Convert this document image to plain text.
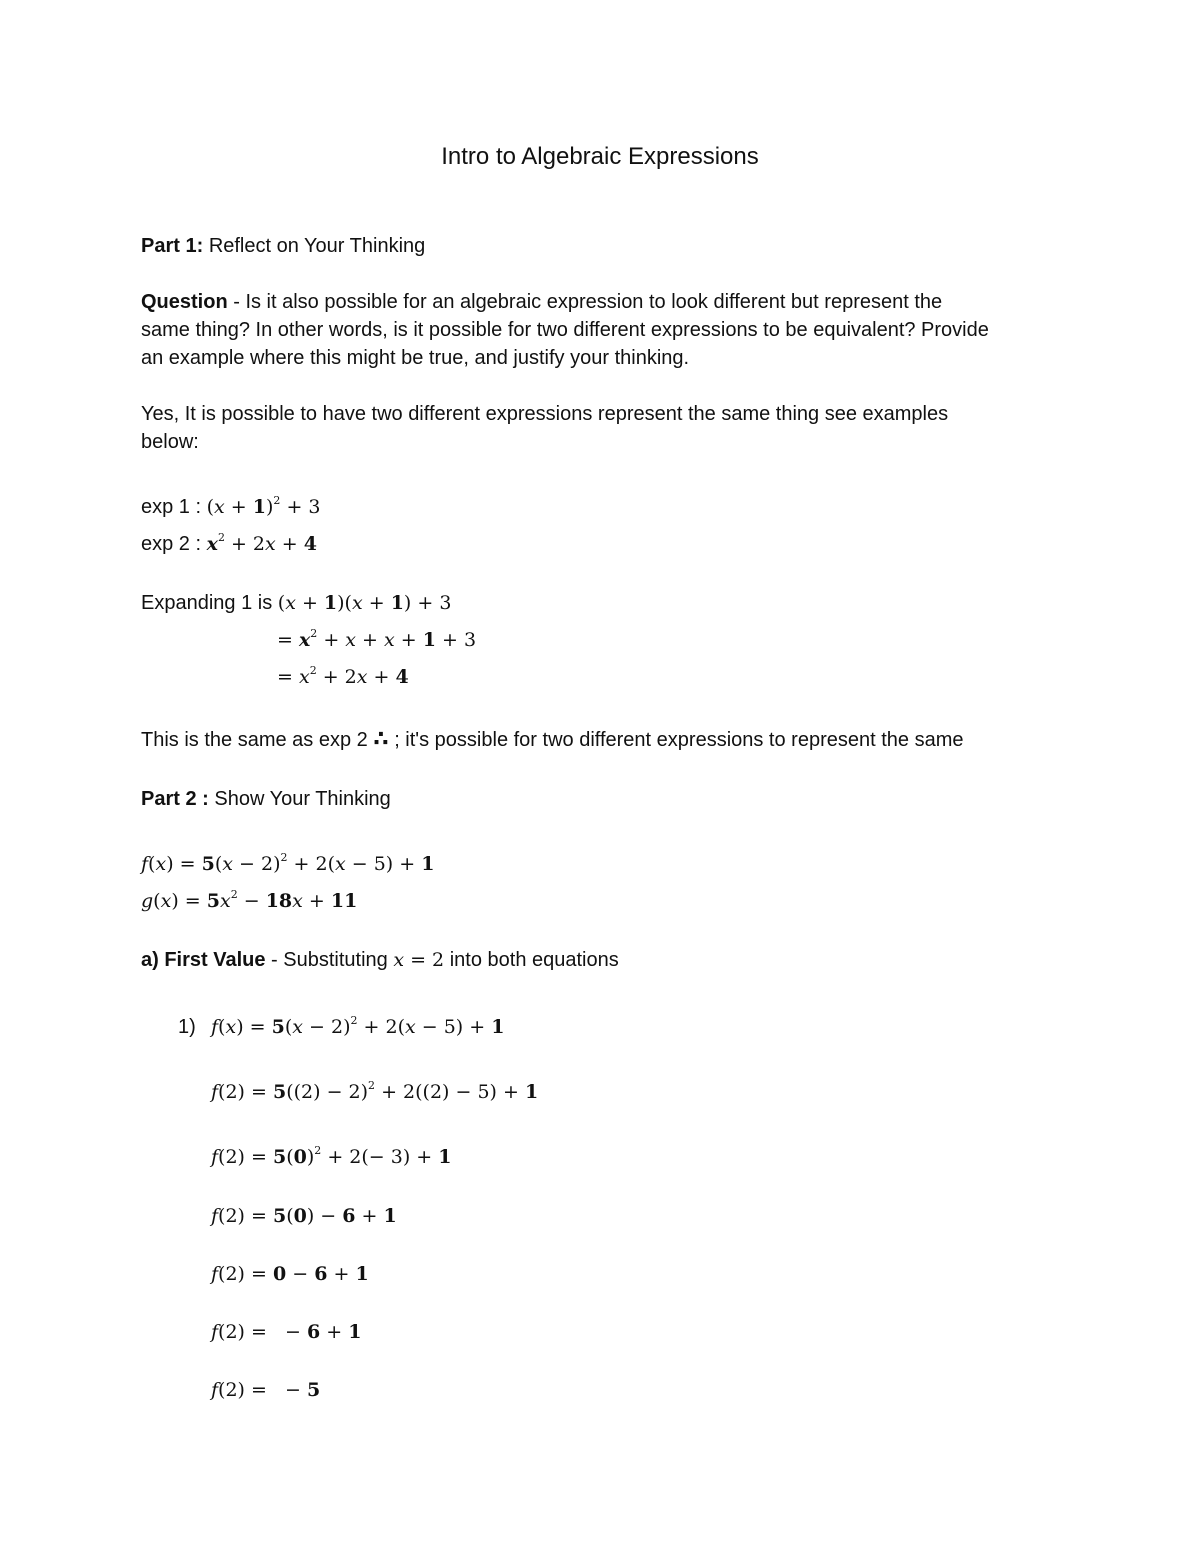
Intro to Algebraic Expressions
Part 1: Reflect on Your Thinking
Question - Is it also possible for an algebraic expression to look different but represent the
same thing? In other words, is it possible for two different expressions to be equivalent? Provide
an example where this might be true, and justify your thinking.
Yes, It is possible to have two different expressions represent the same thing see examples
below:
exp 1 : $(x + 1)^2 + 3$
exp 2 : $x^2 + 2x + 4$
Expanding 1 is (x + 1)(x + 1) + 3
= $x^2 + x + x + 1 + 3$
= $x^2 + 2x + 4$
This is the same as exp 2 ∴ ; it's possible for two different expressions to represent the same
Part 2 : Show Your Thinking
$f(x) = 5(x - 2)^2 + 2(x - 5) + 1$
$g(x) = 5x^2 - 18x + 11$
a) First Value - Substituting x = 2 into both equations
1) $f(x) = 5(x - 2)^2 + 2(x - 5) + 1$
$f(2) = 5((2) - 2)^2 + 2((2) - 5) + 1$
$f(2) = 5(0)^2 + 2(- 3) + 1$
f(2) = 5(0) − 6 + 1
f(2) = 0 − 6 + 1
f(2) =   − 6 + 1
f(2) =   − 5
